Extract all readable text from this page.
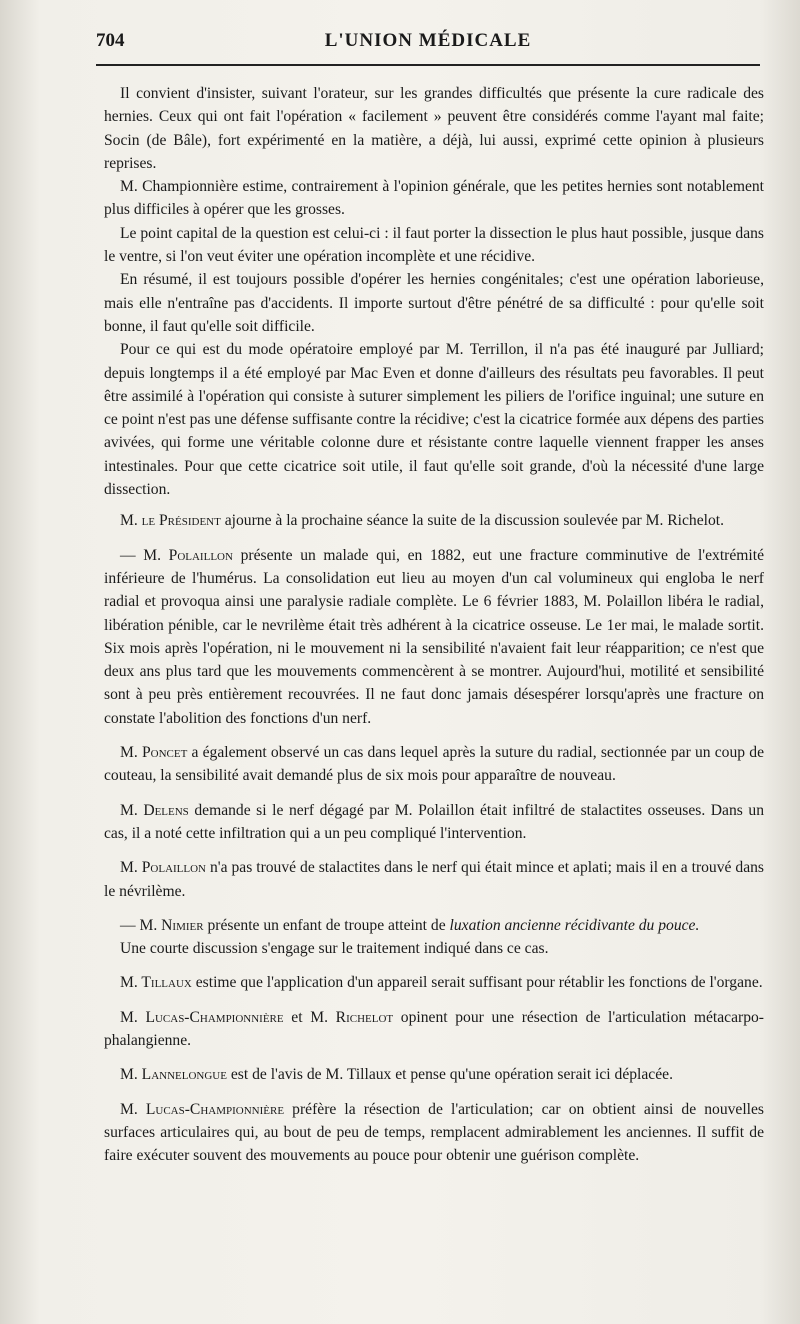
704	L'UNION MÉDICALE

Il convient d'insister, suivant l'orateur, sur les grandes difficultés que présente la cure radicale des hernies. Ceux qui ont fait l'opération « facilement » peuvent être considérés comme l'ayant mal faite; Socin (de Bâle), fort expérimenté en la matière, a déjà, lui aussi, exprimé cette opinion à plusieurs reprises.

M. Championnière estime, contrairement à l'opinion générale, que les petites hernies sont notablement plus difficiles à opérer que les grosses.

Le point capital de la question est celui-ci : il faut porter la dissection le plus haut possible, jusque dans le ventre, si l'on veut éviter une opération incomplète et une récidive.

En résumé, il est toujours possible d'opérer les hernies congénitales; c'est une opération laborieuse, mais elle n'entraîne pas d'accidents. Il importe surtout d'être pénétré de sa difficulté : pour qu'elle soit bonne, il faut qu'elle soit difficile.

Pour ce qui est du mode opératoire employé par M. Terrillon, il n'a pas été inauguré par Julliard; depuis longtemps il a été employé par Mac Even et donne d'ailleurs des résultats peu favorables. Il peut être assimilé à l'opération qui consiste à suturer simplement les piliers de l'orifice inguinal; une suture en ce point n'est pas une défense suffisante contre la récidive; c'est la cicatrice formée aux dépens des parties avivées, qui forme une véritable colonne dure et résistante contre laquelle viennent frapper les anses intestinales. Pour que cette cicatrice soit utile, il faut qu'elle soit grande, d'où la nécessité d'une large dissection.

M. le Président ajourne à la prochaine séance la suite de la discussion soulevée par M. Richelot.

— M. Polaillon présente un malade qui, en 1882, eut une fracture comminutive de l'extrémité inférieure de l'humérus. La consolidation eut lieu au moyen d'un cal volumineux qui engloba le nerf radial et provoqua ainsi une paralysie radiale complète. Le 6 février 1883, M. Polaillon libéra le radial, libération pénible, car le nevrilème était très adhérent à la cicatrice osseuse. Le 1er mai, le malade sortit. Six mois après l'opération, ni le mouvement ni la sensibilité n'avaient fait leur réapparition; ce n'est que deux ans plus tard que les mouvements commencèrent à se montrer. Aujourd'hui, motilité et sensibilité sont à peu près entièrement recouvrées. Il ne faut donc jamais désespérer lorsqu'après une fracture on constate l'abolition des fonctions d'un nerf.

M. Poncet a également observé un cas dans lequel après la suture du radial, sectionnée par un coup de couteau, la sensibilité avait demandé plus de six mois pour apparaître de nouveau.

M. Delens demande si le nerf dégagé par M. Polaillon était infiltré de stalactites osseuses. Dans un cas, il a noté cette infiltration qui a un peu compliqué l'intervention.

M. Polaillon n'a pas trouvé de stalactites dans le nerf qui était mince et aplati; mais il en a trouvé dans le névrilème.

— M. Nimier présente un enfant de troupe atteint de luxation ancienne récidivante du pouce.

Une courte discussion s'engage sur le traitement indiqué dans ce cas.

M. Tillaux estime que l'application d'un appareil serait suffisant pour rétablir les fonctions de l'organe.

M. Lucas-Championnière et M. Richelot opinent pour une résection de l'articulation métacarpo-phalangienne.

M. Lannelongue est de l'avis de M. Tillaux et pense qu'une opération serait ici déplacée.

M. Lucas-Championnière préfère la résection de l'articulation; car on obtient ainsi de nouvelles surfaces articulaires qui, au bout de peu de temps, remplacent admirablement les anciennes. Il suffit de faire exécuter souvent des mouvements au pouce pour obtenir une guérison complète.
